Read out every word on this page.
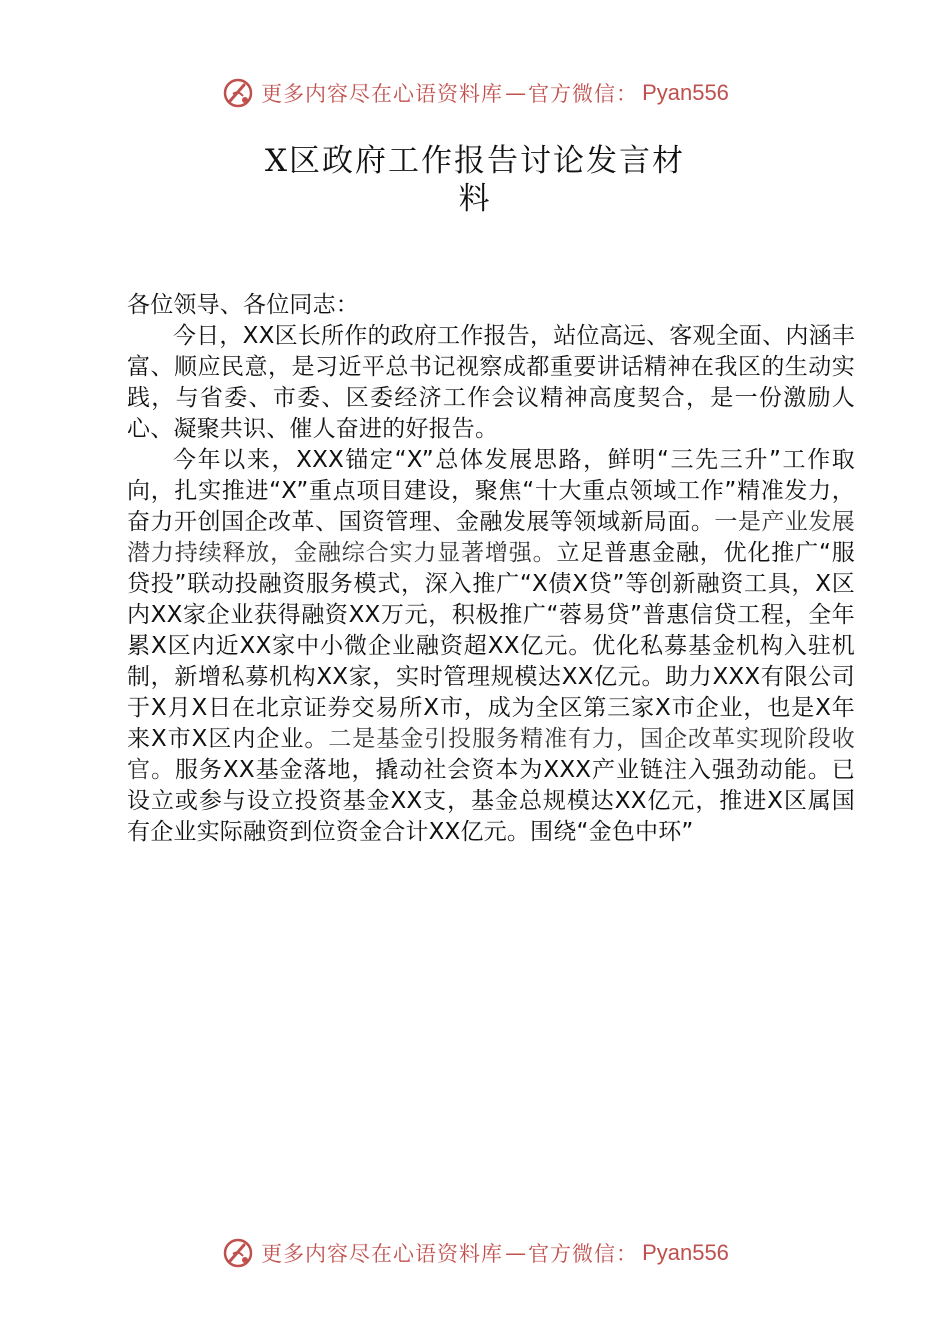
更多内容尽在心语资料库 — 官方微信： Pyan556
X区政府工作报告讨论发言材
料

各位领导、各位同志：

今日，XX区长所作的政府工作报告，站位高远、客观全面、内涵丰富、顺应民意，是习近平总书记视察成都重要讲话精神在我区的生动实践，与省委、市委、区委经济工作会议精神高度契合，是一份激励人心、凝聚共识、催人奋进的好报告。

今年以来，XXX锚定“X”总体发展思路，鲜明“三先三升”工作取向，扎实推进“X”重点项目建设，聚焦“十大重点领域工作”精准发力，奋力开创国企改革、国资管理、金融发展等领域新局面。一是产业发展潜力持续释放，金融综合实力显著增强。立足普惠金融，优化推广“服贷投”联动投融资服务模式，深入推广“X债X贷”等创新融资工具，X区内XX家企业获得融资XX万元，积极推广“蓉易贷”普惠信贷工程，全年累X区内近XX家中小微企业融资超XX亿元。优化私募基金机构入驻机制，新增私募机构XX家，实时管理规模达XX亿元。助力XXX有限公司于X月X日在北京证券交易所X市，成为全区第三家X市企业，也是X年来X市X区内企业。二是基金引投服务精准有力，国企改革实现阶段收官。服务XX基金落地，撬动社会资本为XXX产业链注入强劲动能。已设立或参与设立投资基金XX支，基金总规模达XX亿元，推进X区属国有企业实际融资到位资金合计XX亿元。围绕“金色中环”

更多内容尽在心语资料库 — 官方微信： Pyan556
